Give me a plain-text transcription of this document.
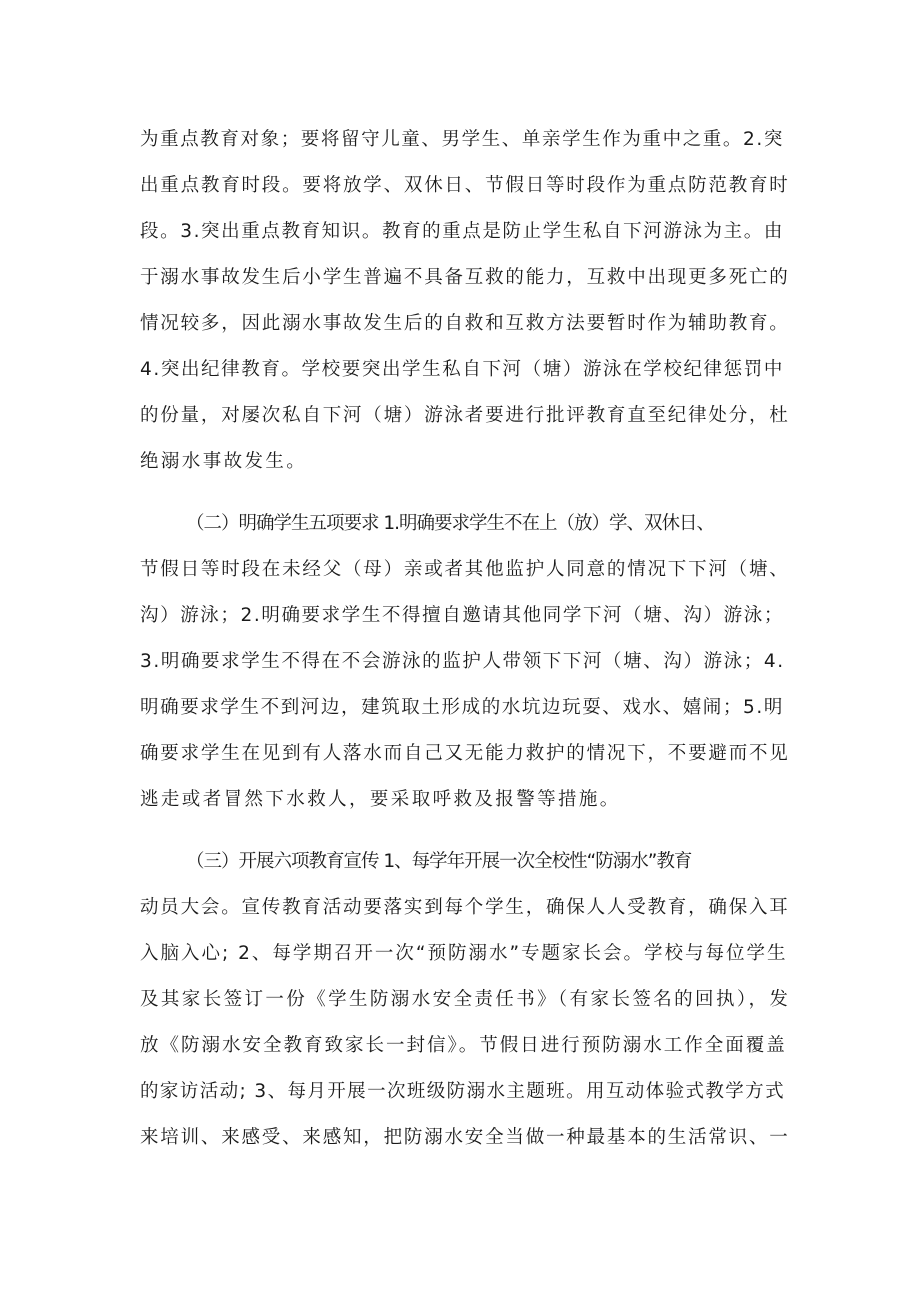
为重点教育对象；要将留守儿童、男学生、单亲学生作为重中之重。2.突
出重点教育时段。要将放学、双休日、节假日等时段作为重点防范教育时
段。3.突出重点教育知识。教育的重点是防止学生私自下河游泳为主。由
于溺水事故发生后小学生普遍不具备互救的能力，互救中出现更多死亡的
情况较多，因此溺水事故发生后的自救和互救方法要暂时作为辅助教育。
4.突出纪律教育。学校要突出学生私自下河（塘）游泳在学校纪律惩罚中
的份量，对屡次私自下河（塘）游泳者要进行批评教育直至纪律处分，杜
绝溺水事故发生。
（二）明确学生五项要求 1.明确要求学生不在上（放）学、双休日、
节假日等时段在未经父（母）亲或者其他监护人同意的情况下下河（塘、
沟）游泳；2.明确要求学生不得擅自邀请其他同学下河（塘、沟）游泳；
3.明确要求学生不得在不会游泳的监护人带领下下河（塘、沟）游泳；4.
明确要求学生不到河边，建筑取土形成的水坑边玩耍、戏水、嬉闹；5.明
确要求学生在见到有人落水而自己又无能力救护的情况下，不要避而不见
逃走或者冒然下水救人，要采取呼救及报警等措施。
（三）开展六项教育宣传 1、每学年开展一次全校性“防溺水”教育
动员大会。宣传教育活动要落实到每个学生，确保人人受教育，确保入耳
入脑入心; 2、每学期召开一次“预防溺水”专题家长会。学校与每位学生
及其家长签订一份《学生防溺水安全责任书》（有家长签名的回执），发
放《防溺水安全教育致家长一封信》。节假日进行预防溺水工作全面覆盖
的家访活动; 3、每月开展一次班级防溺水主题班。用互动体验式教学方式
来培训、来感受、来感知，把防溺水安全当做一种最基本的生活常识、一
